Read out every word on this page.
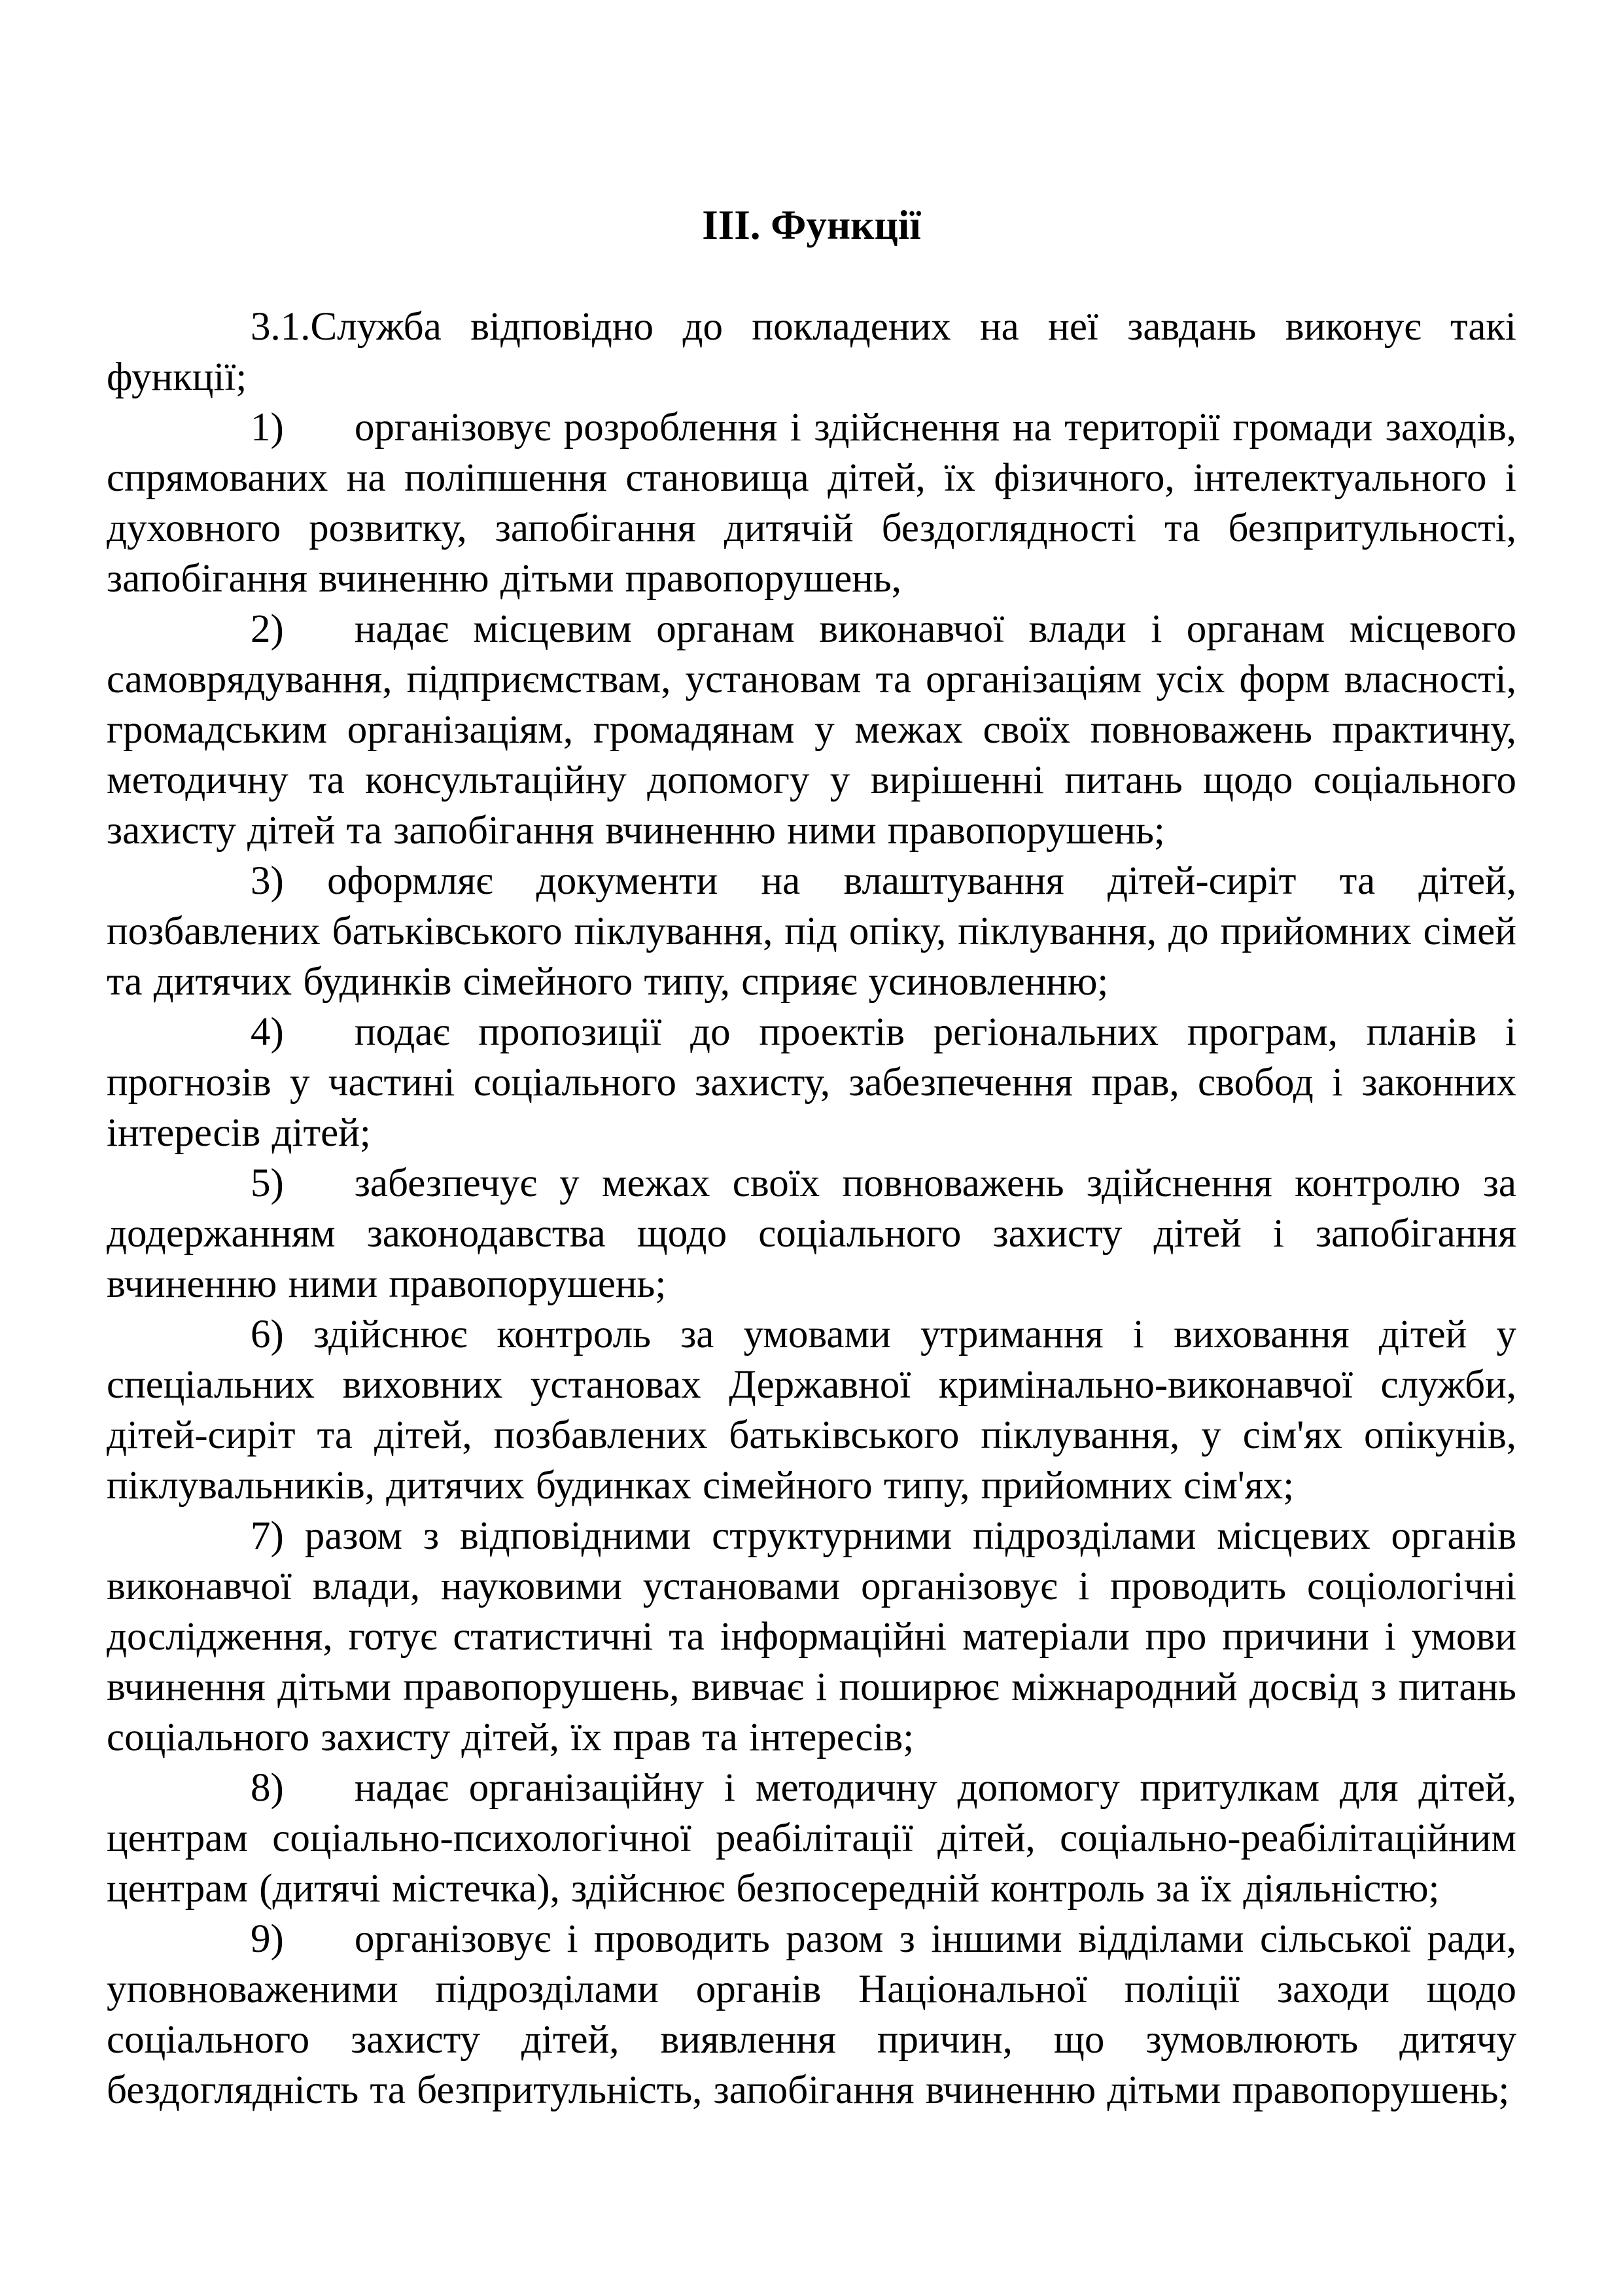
III. Функції

3.1.Служба відповідно до покладених на неї завдань виконує такі функції;

1) організовує розроблення і здійснення на території громади заходів, спрямованих на поліпшення становища дітей, їх фізичного, інтелектуального і духовного розвитку, запобігання дитячій бездоглядності та безпритульності, запобігання вчиненню дітьми правопорушень,

2) надає місцевим органам виконавчої влади і органам місцевого самоврядування, підприємствам, установам та організаціям усіх форм власності, громадським організаціям, громадянам у межах своїх повноважень практичну, методичну та консультаційну допомогу у вирішенні питань щодо соціального захисту дітей та запобігання вчиненню ними правопорушень;

3) оформляє документи на влаштування дітей-сиріт та дітей, позбавлених батьківського піклування, під опіку, піклування, до прийомних сімей та дитячих будинків сімейного типу, сприяє усиновленню;

4) подає пропозиції до проектів регіональних програм, планів і прогнозів у частині соціального захисту, забезпечення прав, свобод і законних інтересів дітей;

5) забезпечує у межах своїх повноважень здійснення контролю за додержанням законодавства щодо соціального захисту дітей і запобігання вчиненню ними правопорушень;

6) здійснює контроль за умовами утримання і виховання дітей у спеціальних виховних установах Державної кримінально-виконавчої служби, дітей-сиріт та дітей, позбавлених батьківського піклування, у сім'ях опікунів, піклувальників, дитячих будинках сімейного типу, прийомних сім'ях;

7) разом з відповідними структурними підрозділами місцевих органів виконавчої влади, науковими установами організовує і проводить соціологічні дослідження, готує статистичні та інформаційні матеріали про причини і умови вчинення дітьми правопорушень, вивчає і поширює міжнародний досвід з питань соціального захисту дітей, їх прав та інтересів;

8) надає організаційну і методичну допомогу притулкам для дітей, центрам соціально-психологічної реабілітації дітей, соціально-реабілітаційним центрам (дитячі містечка), здійснює безпосередній контроль за їх діяльністю;

9) організовує і проводить разом з іншими відділами сільської ради, уповноваженими підрозділами органів Національної поліції заходи щодо соціального захисту дітей, виявлення причин, що зумовлюють дитячу бездоглядність та безпритульність, запобігання вчиненню дітьми правопорушень;
